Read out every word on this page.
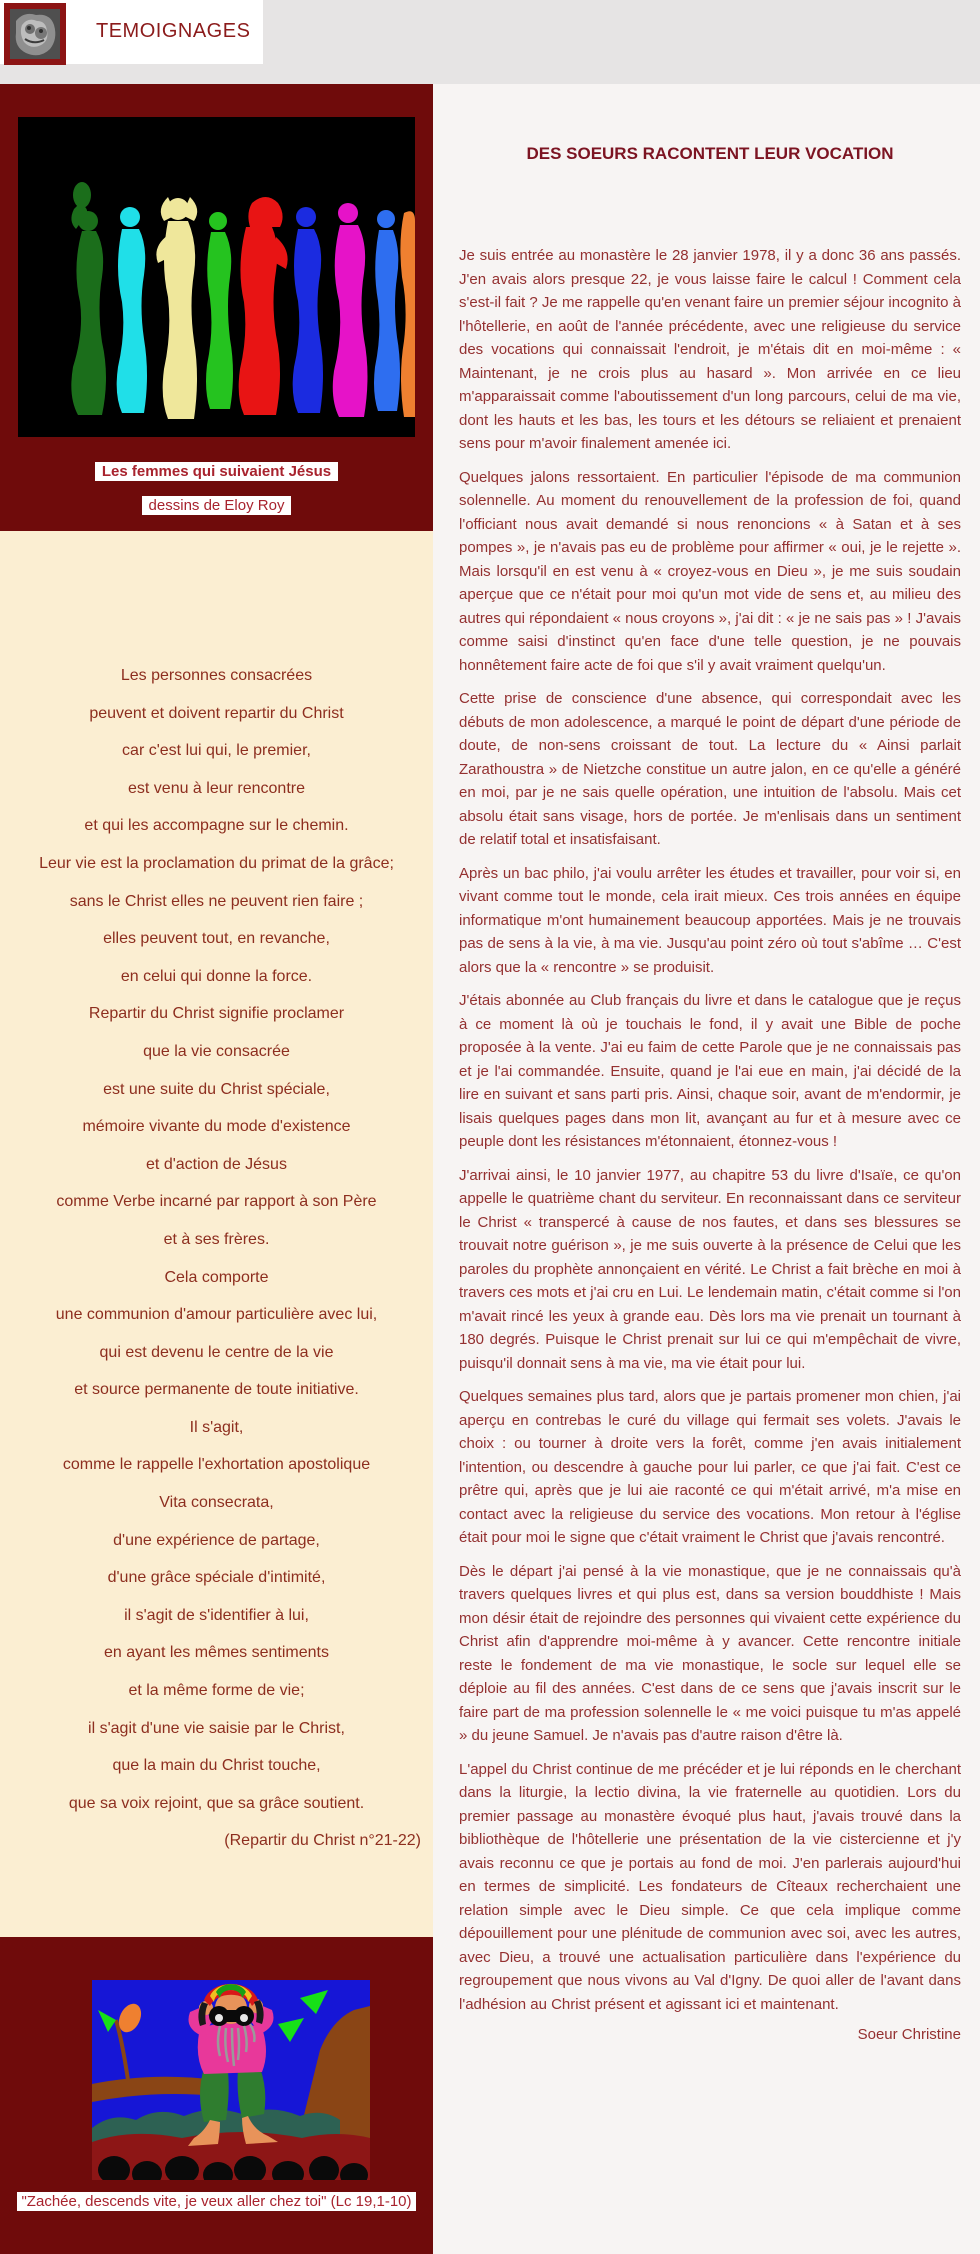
TEMOIGNAGES
Les femmes qui suivaient Jésus
dessins de Eloy Roy
Les personnes consacrées
peuvent et doivent repartir du Christ
car c'est lui qui, le premier,
est venu à leur rencontre
et qui les accompagne sur le chemin.
Leur vie est la proclamation du primat de la grâce;
sans le Christ elles ne peuvent rien faire ;
elles peuvent tout, en revanche,
en celui qui donne la force.
Repartir du Christ signifie proclamer
que la vie consacrée
est une suite du Christ spéciale,
mémoire vivante du mode d'existence
et d'action de Jésus
comme Verbe incarné par rapport à son Père
et à ses frères.
Cela comporte
une communion d'amour particulière avec lui,
qui est devenu le centre de la vie
et source permanente de toute initiative.
Il s'agit,
comme le rappelle l'exhortation apostolique
Vita consecrata,
d'une expérience de partage,
d'une grâce spéciale d'intimité,
il s'agit de s'identifier à lui,
en ayant les mêmes sentiments
et la même forme de vie;
il s'agit d'une vie saisie par le Christ,
que la main du Christ touche,
que sa voix rejoint, que sa grâce soutient.
(Repartir du Christ n°21-22)
"Zachée, descends vite, je veux aller chez toi" (Lc 19,1-10)
DES SOEURS RACONTENT LEUR VOCATION

Je suis entrée au monastère le 28 janvier 1978, il y a donc 36 ans passés. J'en avais alors presque 22, je vous laisse faire le calcul ! Comment cela s'est-il fait ? Je me rappelle qu'en venant faire un premier séjour incognito à l'hôtellerie, en août de l'année précédente, avec une religieuse du service des vocations qui connaissait l'endroit, je m'étais dit en moi-même : « Maintenant, je ne crois plus au hasard ». Mon arrivée en ce lieu m'apparaissait comme l'aboutissement d'un long parcours, celui de ma vie, dont les hauts et les bas, les tours et les détours se reliaient et prenaient sens pour m'avoir finalement amenée ici.

Quelques jalons ressortaient. En particulier l'épisode de ma communion solennelle. Au moment du renouvellement de la profession de foi, quand l'officiant nous avait demandé si nous renoncions « à Satan et à ses pompes », je n'avais pas eu de problème pour affirmer « oui, je le rejette ». Mais lorsqu'il en est venu à « croyez-vous en Dieu », je me suis soudain aperçue que ce n'était pour moi qu'un mot vide de sens et, au milieu des autres qui répondaient « nous croyons », j'ai dit : « je ne sais pas » ! J'avais comme saisi d'instinct qu'en face d'une telle question, je ne pouvais honnêtement faire acte de foi que s'il y avait vraiment quelqu'un.

Cette prise de conscience d'une absence, qui correspondait avec les débuts de mon adolescence, a marqué le point de départ d'une période de doute, de non-sens croissant de tout. La lecture du « Ainsi parlait Zarathoustra » de Nietzche constitue un autre jalon, en ce qu'elle a généré en moi, par je ne sais quelle opération, une intuition de l'absolu. Mais cet absolu était sans visage, hors de portée. Je m'enlisais dans un sentiment de relatif total et insatisfaisant.

Après un bac philo, j'ai voulu arrêter les études et travailler, pour voir si, en vivant comme tout le monde, cela irait mieux. Ces trois années en équipe informatique m'ont humainement beaucoup apportées. Mais je ne trouvais pas de sens à la vie, à ma vie. Jusqu'au point zéro où tout s'abîme … C'est alors que la « rencontre » se produisit.

J'étais abonnée au Club français du livre et dans le catalogue que je reçus à ce moment là où je touchais le fond, il y avait une Bible de poche proposée à la vente. J'ai eu faim de cette Parole que je ne connaissais pas et je l'ai commandée. Ensuite, quand je l'ai eue en main, j'ai décidé de la lire en suivant et sans parti pris. Ainsi, chaque soir, avant de m'endormir, je lisais quelques pages dans mon lit, avançant au fur et à mesure avec ce peuple dont les résistances m'étonnaient, étonnez-vous !

J'arrivai ainsi, le 10 janvier 1977, au chapitre 53 du livre d'Isaïe, ce qu'on appelle le quatrième chant du serviteur. En reconnaissant dans ce serviteur le Christ « transpercé à cause de nos fautes, et dans ses blessures se trouvait notre guérison », je me suis ouverte à la présence de Celui que les paroles du prophète annonçaient en vérité. Le Christ a fait brèche en moi à travers ces mots et j'ai cru en Lui. Le lendemain matin, c'était comme si l'on m'avait rincé les yeux à grande eau. Dès lors ma vie prenait un tournant à 180 degrés. Puisque le Christ prenait sur lui ce qui m'empêchait de vivre, puisqu'il donnait sens à ma vie, ma vie était pour lui.

Quelques semaines plus tard, alors que je partais promener mon chien, j'ai aperçu en contrebas le curé du village qui fermait ses volets. J'avais le choix : ou tourner à droite vers la forêt, comme j'en avais initialement l'intention, ou descendre à gauche pour lui parler, ce que j'ai fait. C'est ce prêtre qui, après que je lui aie raconté ce qui m'était arrivé, m'a mise en contact avec la religieuse du service des vocations. Mon retour à l'église était pour moi le signe que c'était vraiment le Christ que j'avais rencontré.

Dès le départ j'ai pensé à la vie monastique, que je ne connaissais qu'à travers quelques livres et qui plus est, dans sa version bouddhiste ! Mais mon désir était de rejoindre des personnes qui vivaient cette expérience du Christ afin d'apprendre moi-même à y avancer. Cette rencontre initiale reste le fondement de ma vie monastique, le socle sur lequel elle se déploie au fil des années. C'est dans de ce sens que j'avais inscrit sur le faire part de ma profession solennelle le « me voici puisque tu m'as appelé » du jeune Samuel. Je n'avais pas d'autre raison d'être là.

L'appel du Christ continue de me précéder et je lui réponds en le cherchant dans la liturgie, la lectio divina, la vie fraternelle au quotidien. Lors du premier passage au monastère évoqué plus haut, j'avais trouvé dans la bibliothèque de l'hôtellerie une présentation de la vie cistercienne et j'y avais reconnu ce que je portais au fond de moi. J'en parlerais aujourd'hui en termes de simplicité. Les fondateurs de Cîteaux recherchaient une relation simple avec le Dieu simple. Ce que cela implique comme dépouillement pour une plénitude de communion avec soi, avec les autres, avec Dieu, a trouvé une actualisation particulière dans l'expérience du regroupement que nous vivons au Val d'Igny. De quoi aller de l'avant dans l'adhésion au Christ présent et agissant ici et maintenant.

Soeur Christine
